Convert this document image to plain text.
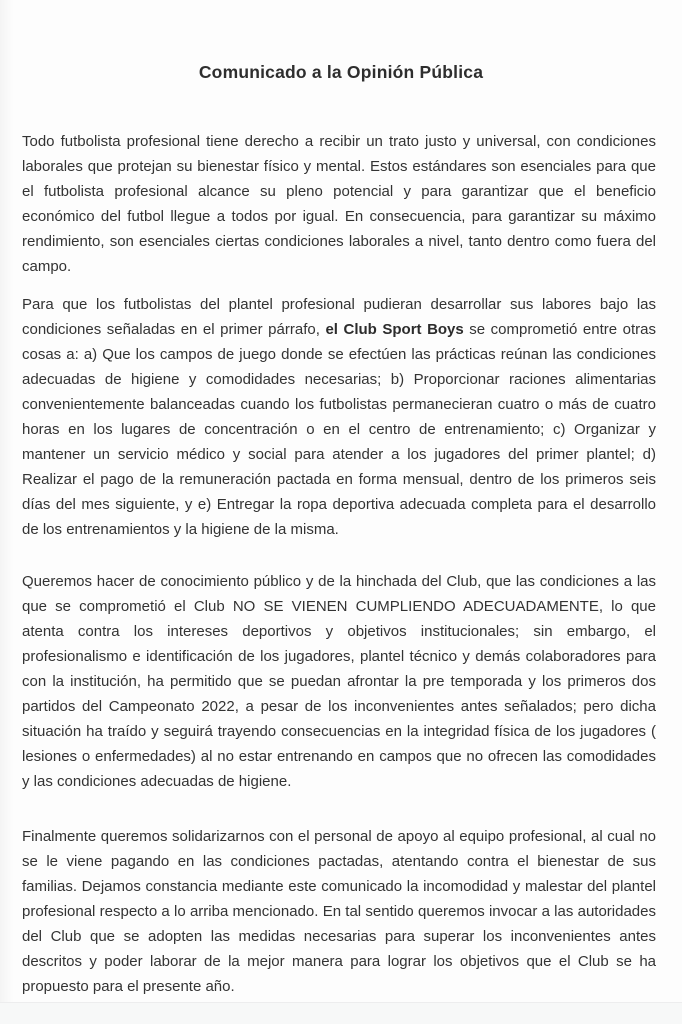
Comunicado a la Opinión Pública

Todo futbolista profesional tiene derecho a recibir un trato justo y universal, con condiciones laborales que protejan su bienestar físico y mental. Estos estándares son esenciales para que el futbolista profesional alcance su pleno potencial y para garantizar que el beneficio económico del futbol llegue a todos por igual. En consecuencia, para garantizar su máximo rendimiento, son esenciales ciertas condiciones laborales a nivel, tanto dentro como fuera del campo.

Para que los futbolistas del plantel profesional pudieran desarrollar sus labores bajo las condiciones señaladas en el primer párrafo, el Club Sport Boys se comprometió entre otras cosas a: a) Que los campos de juego donde se efectúen las prácticas reúnan las condiciones adecuadas de higiene y comodidades necesarias; b) Proporcionar raciones alimentarias convenientemente balanceadas cuando los futbolistas permanecieran cuatro o más de cuatro horas en los lugares de concentración o en el centro de entrenamiento; c) Organizar y mantener un servicio médico y social para atender a los jugadores del primer plantel; d) Realizar el pago de la remuneración pactada en forma mensual, dentro de los primeros seis días del mes siguiente, y e) Entregar la ropa deportiva adecuada completa para el desarrollo de los entrenamientos y la higiene de la misma.

Queremos hacer de conocimiento público y de la hinchada del Club, que las condiciones a las que se comprometió el Club NO SE VIENEN CUMPLIENDO ADECUADAMENTE, lo que atenta contra los intereses deportivos y objetivos institucionales; sin embargo, el profesionalismo e identificación de los jugadores, plantel técnico y demás colaboradores para con la institución, ha permitido que se puedan afrontar la pre temporada y los primeros dos partidos del Campeonato 2022, a pesar de los inconvenientes antes señalados; pero dicha situación ha traído y seguirá trayendo consecuencias en la integridad física de los jugadores ( lesiones o enfermedades) al no estar entrenando en campos que no ofrecen las comodidades y las condiciones adecuadas de higiene.

Finalmente queremos solidarizarnos con el personal de apoyo al equipo profesional, al cual no se le viene pagando en las condiciones pactadas, atentando contra el bienestar de sus familias. Dejamos constancia mediante este comunicado la incomodidad y malestar del plantel profesional respecto a lo arriba mencionado. En tal sentido queremos invocar a las autoridades del Club que se adopten las medidas necesarias para superar los inconvenientes antes descritos y poder laborar de la mejor manera para lograr los objetivos que el Club se ha propuesto para el presente año.
